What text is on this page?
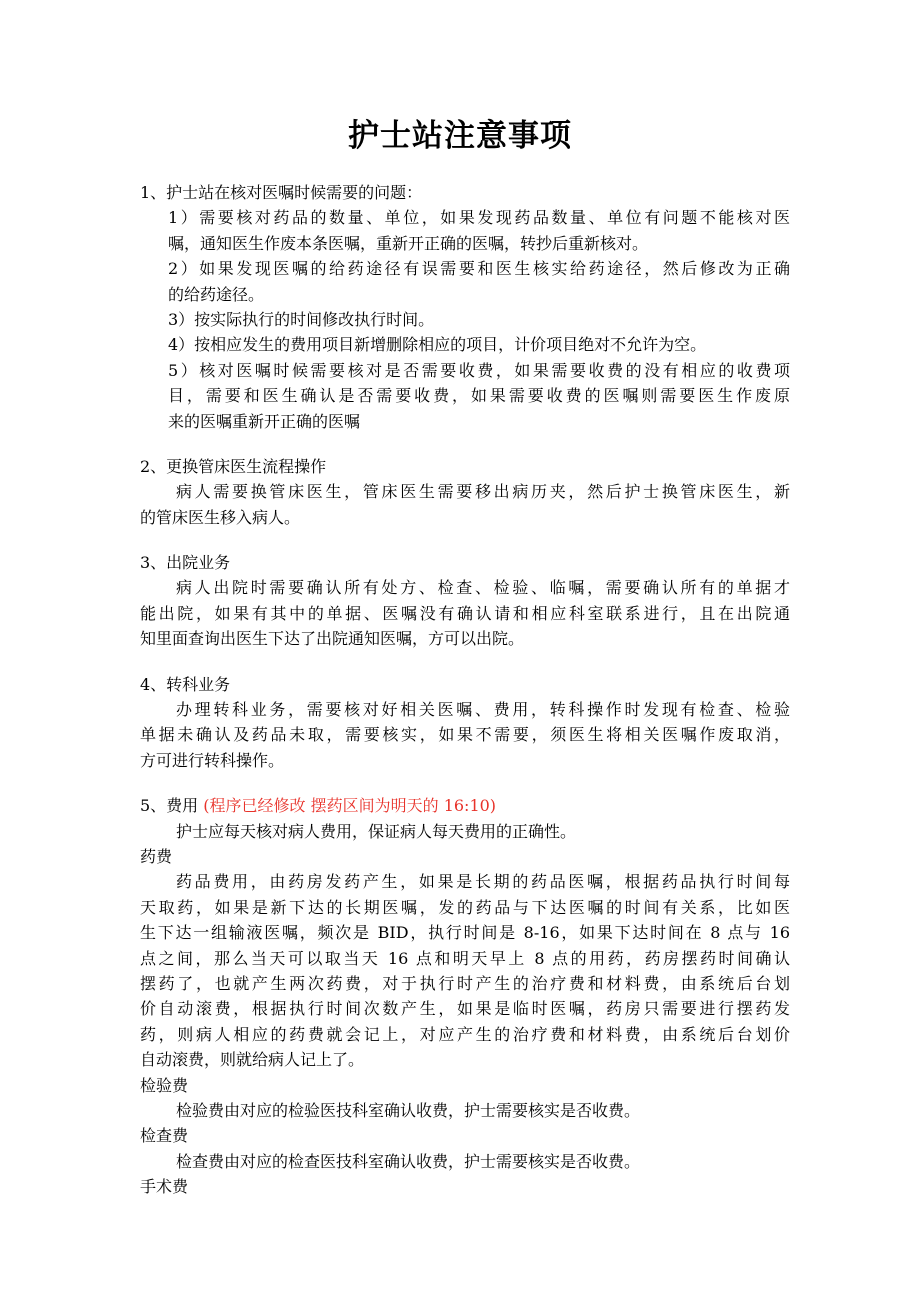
护士站注意事项
1、护士站在核对医嘱时候需要的问题：
1）需要核对药品的数量、单位，如果发现药品数量、单位有问题不能核对医
嘱，通知医生作废本条医嘱，重新开正确的医嘱，转抄后重新核对。
2）如果发现医嘱的给药途径有误需要和医生核实给药途径，然后修改为正确
的给药途径。
3）按实际执行的时间修改执行时间。
4）按相应发生的费用项目新增删除相应的项目，计价项目绝对不允许为空。
5）核对医嘱时候需要核对是否需要收费，如果需要收费的没有相应的收费项
目，需要和医生确认是否需要收费，如果需要收费的医嘱则需要医生作废原
来的医嘱重新开正确的医嘱
2、更换管床医生流程操作
病人需要换管床医生，管床医生需要移出病历夹，然后护士换管床医生，新
的管床医生移入病人。
3、出院业务
病人出院时需要确认所有处方、检查、检验、临嘱，需要确认所有的单据才
能出院，如果有其中的单据、医嘱没有确认请和相应科室联系进行，且在出院通
知里面查询出医生下达了出院通知医嘱，方可以出院。
4、转科业务
办理转科业务，需要核对好相关医嘱、费用，转科操作时发现有检查、检验
单据未确认及药品未取，需要核实，如果不需要，须医生将相关医嘱作废取消，
方可进行转科操作。
5、费用 (程序已经修改 摆药区间为明天的 16:10)
护士应每天核对病人费用，保证病人每天费用的正确性。
药费
药品费用，由药房发药产生，如果是长期的药品医嘱，根据药品执行时间每
天取药，如果是新下达的长期医嘱，发的药品与下达医嘱的时间有关系，比如医
生下达一组输液医嘱，频次是 BID，执行时间是 8-16，如果下达时间在 8 点与 16
点之间，那么当天可以取当天 16 点和明天早上 8 点的用药，药房摆药时间确认
摆药了，也就产生两次药费，对于执行时产生的治疗费和材料费，由系统后台划
价自动滚费，根据执行时间次数产生，如果是临时医嘱，药房只需要进行摆药发
药，则病人相应的药费就会记上，对应产生的治疗费和材料费，由系统后台划价
自动滚费，则就给病人记上了。
检验费
检验费由对应的检验医技科室确认收费，护士需要核实是否收费。
检查费
检查费由对应的检查医技科室确认收费，护士需要核实是否收费。
手术费
